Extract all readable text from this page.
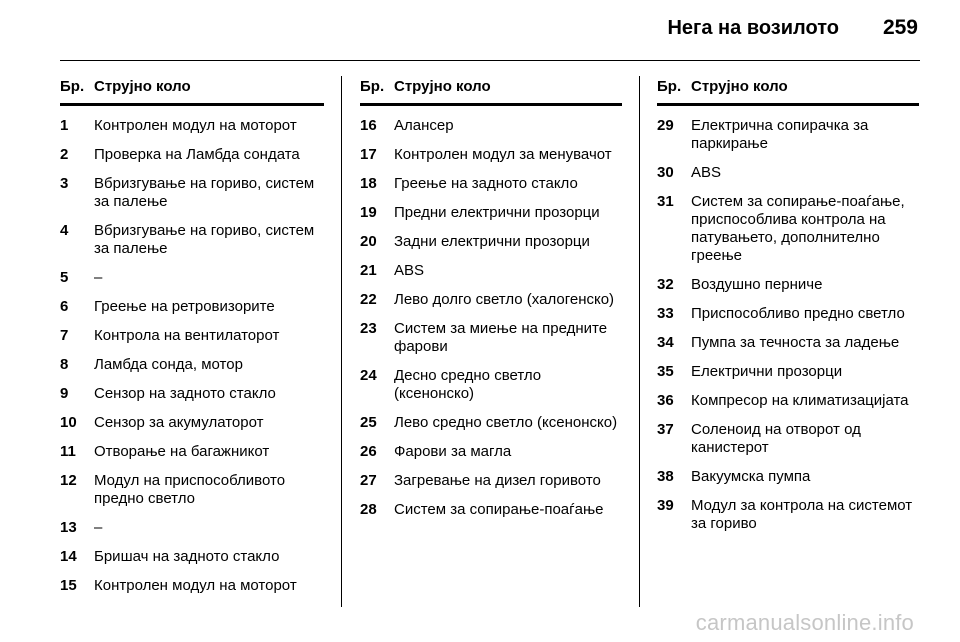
Нега на возилото 259
Бр. Струјно коло
1	Контролен модул на моторот
2	Проверка на Ламбда сондата
3	Вбризгување на гориво, систем за палење
4	Вбризгување на гориво, систем за палење
5	–
6	Греење на ретровизорите
7	Контрола на вентилаторот
8	Ламбда сонда, мотор
9	Сензор на задното стакло
10	Сензор за акумулаторот
11	Отворање на багажникот
12	Модул на приспособливото предно светло
13	–
14	Бришач на задното стакло
15	Контролен модул на моторот
Бр. Струјно коло
16	Алансер
17	Контролен модул за менувачот
18	Греење на задното стакло
19	Предни електрични прозорци
20	Задни електрични прозорци
21	ABS
22	Лево долго светло (халогенско)
23	Систем за миење на предните фарови
24	Десно средно светло (ксенонско)
25	Лево средно светло (ксенонско)
26	Фарови за магла
27	Загревање на дизел горивото
28	Систем за сопирање-поаѓање
Бр. Струјно коло
29	Електрична сопирачка за паркирање
30	ABS
31	Систем за сопирање-поаѓање, приспособлива контрола на патувањето, дополнително греење
32	Воздушно перниче
33	Приспособливо предно светло
34	Пумпа за течноста за ладење
35	Електрични прозорци
36	Компресор на климатизацијата
37	Соленоид на отворот од канистерот
38	Вакуумска пумпа
39	Модул за контрола на системот за гориво
carmanualsonline.info
